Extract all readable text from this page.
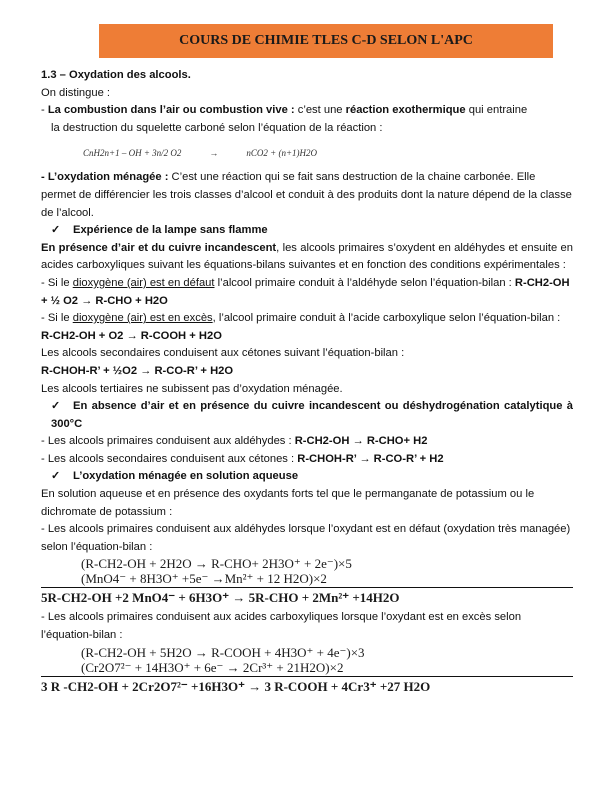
COURS DE CHIMIE TLES C-D SELON L'APC

1.3 – Oxydation des alcools.

On distingue :

- La combustion dans l’air ou combustion vive : c’est une réaction exothermique qui entraine

la destruction du squelette carboné selon l’équation de la réaction :

CnH2n+1 – OH + 3n/2 O2	→	nCO2 + (n+1)H2O

- L’oxydation ménagée : C’est une réaction qui se fait sans destruction de la chaine carbonée. Elle permet de différencier les trois classes d’alcool et conduit à des produits dont la nature dépend de la classe de l’alcool.

✓ Expérience de la lampe sans flamme

En présence d’air et du cuivre incandescent, les alcools primaires s’oxydent en aldéhydes et ensuite en acides carboxyliques suivant les équations-bilans suivantes et en fonction des conditions expérimentales :

- Si le dioxygène (air) est en défaut l’alcool primaire conduit à l’aldéhyde selon l’équation-bilan : R-CH2-OH + ½ O2 → R-CHO + H2O

- Si le dioxygène (air) est en excès, l’alcool primaire conduit à l’acide carboxylique selon l’équation-bilan : R-CH2-OH + O2 → R-COOH + H2O

Les alcools secondaires conduisent aux cétones suivant l’équation-bilan :

R-CHOH-R’ + ½O2 → R-CO-R’ + H2O

Les alcools tertiaires ne subissent pas d’oxydation ménagée.

✓ En absence d’air et en présence du cuivre incandescent ou déshydrogénation catalytique à 300°C

- Les alcools primaires conduisent aux aldéhydes : R-CH2-OH → R-CHO+ H2

- Les alcools secondaires conduisent aux cétones : R-CHOH-R’ → R-CO-R’ + H2

✓ L’oxydation ménagée en solution aqueuse

En solution aqueuse et en présence des oxydants forts tel que le permanganate de potassium ou le dichromate de potassium :

- Les alcools primaires conduisent aux aldéhydes lorsque l’oxydant est en défaut (oxydation très managée) selon l’équation-bilan :

(R-CH2-OH + 2H2O → R-CHO+ 2H3O⁺ + 2e⁻)×5
(MnO4⁻ + 8H3O⁺ +5e⁻ →Mn²⁺ + 12 H2O)×2
5R-CH2-OH +2 MnO4⁻ + 6H3O⁺ → 5R-CHO + 2Mn²⁺ +14H2O

- Les alcools primaires conduisent aux acides carboxyliques lorsque l’oxydant est en excès selon l’équation-bilan :

(R-CH2-OH + 5H2O → R-COOH + 4H3O⁺ + 4e⁻)×3
(Cr2O7²⁻ + 14H3O⁺ + 6e⁻ → 2Cr³⁺ + 21H2O)×2
3 R -CH2-OH + 2Cr2O7²⁻ +16H3O⁺ → 3 R-COOH + 4Cr3⁺ +27 H2O
